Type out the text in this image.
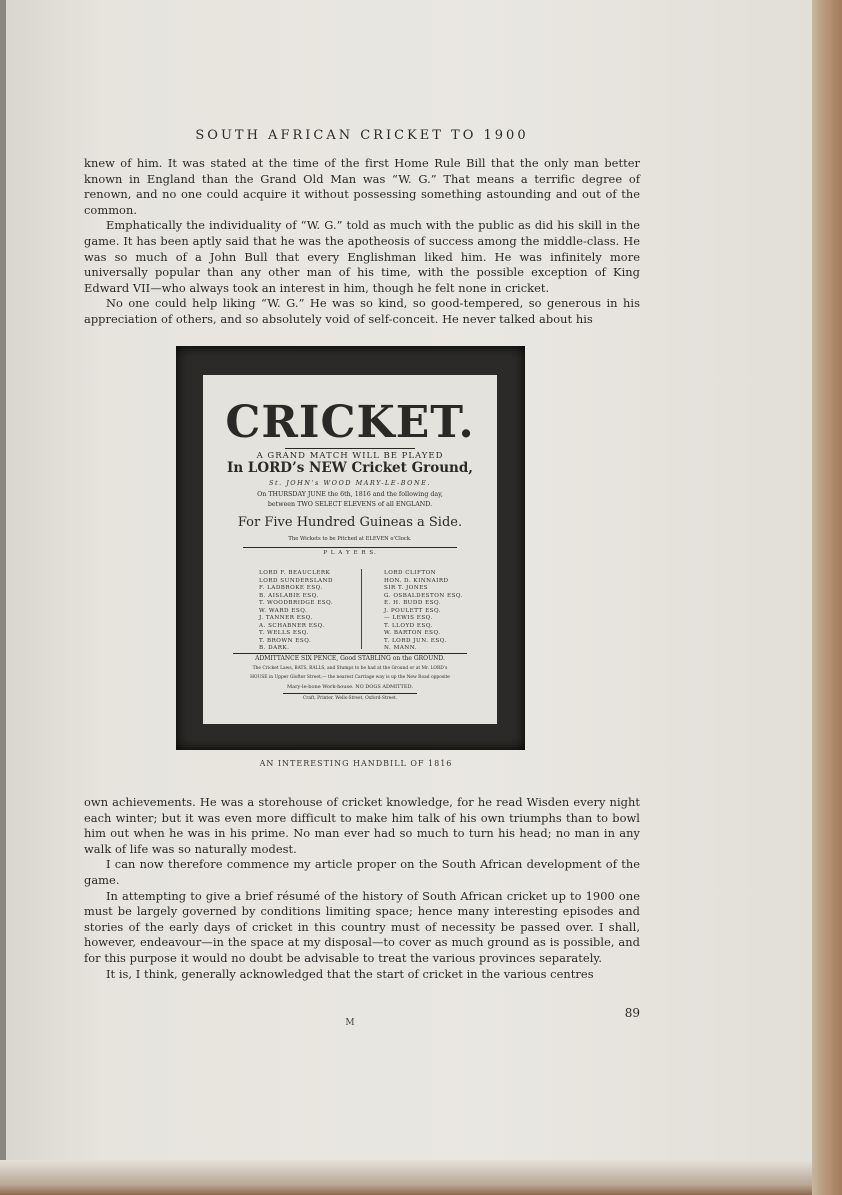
SOUTH AFRICAN CRICKET TO 1900

knew of him. It was stated at the time of the first Home Rule Bill that the only man better known in England than the Grand Old Man was “W. G.” That means a terrific degree of renown, and no one could acquire it without possessing something astounding and out of the common.

Emphatically the individuality of “W. G.” told as much with the public as did his skill in the game. It has been aptly said that he was the apotheosis of success among the middle-class. He was so much of a John Bull that every Englishman liked him. He was infinitely more universally popular than any other man of his time, with the possible exception of King Edward VII—who always took an interest in him, though he felt none in cricket.

No one could help liking “W. G.” He was so kind, so good-tempered, so generous in his appreciation of others, and so absolutely void of self-conceit. He never talked about his

CRICKET.
A GRAND MATCH WILL BE PLAYED
In LORD’s NEW Cricket Ground,
St. JOHN’s WOOD MARY-LE-BONE.
On THURSDAY JUNE the 6th, 1816 and the following day,
between TWO SELECT ELEVENS of all ENGLAND.
For Five Hundred Guineas a Side.
The Wickets to be Pitched at ELEVEN o’Clock.
P L A Y E R S.
LORD F. BEAUCLERK
LORD SUNDERSLAND
F. LADBROKE ESQ.
B. AISLABIE ESQ.
T. WOODBRIDGE ESQ.
W. WARD ESQ.
J. TANNER ESQ.
A. SCHABNER ESQ.
T. WELLS ESQ.
T. BROWN ESQ.
B. DARK.
LORD CLIFTON
HON. D. KINNAIRD
SIR T. JONES
G. OSBALDESTON ESQ.
E. H. BUDD ESQ.
J. POULETT ESQ.
— LEWIS ESQ.
T. LLOYD ESQ.
W. BARTON ESQ.
T. LORD JUN. ESQ.
N. MANN.
ADMITTANCE SIX PENCE, Good STABLING on the GROUND.
The Cricket Laws, BATS, BALLS, and Stumps to be had at the Ground or at Mr. LORD’s
HOUSE in Upper Glofter Street,— the nearest Carriage way is up the New Road opposite
Mary-le-bone Work-house. NO DOGS ADMITTED.
Craft, Printer, Wells-Street, Oxford-Street.
AN INTERESTING HANDBILL OF 1816

own achievements. He was a storehouse of cricket knowledge, for he read Wisden every night each winter; but it was even more difficult to make him talk of his own triumphs than to bowl him out when he was in his prime. No man ever had so much to turn his head; no man in any walk of life was so naturally modest.

I can now therefore commence my article proper on the South African development of the game.

In attempting to give a brief résumé of the history of South African cricket up to 1900 one must be largely governed by conditions limiting space; hence many interesting episodes and stories of the early days of cricket in this country must of necessity be passed over. I shall, however, endeavour—in the space at my disposal—to cover as much ground as is possible, and for this purpose it would no doubt be advisable to treat the various provinces separately.

It is, I think, generally acknowledged that the start of cricket in the various centres

89
M
